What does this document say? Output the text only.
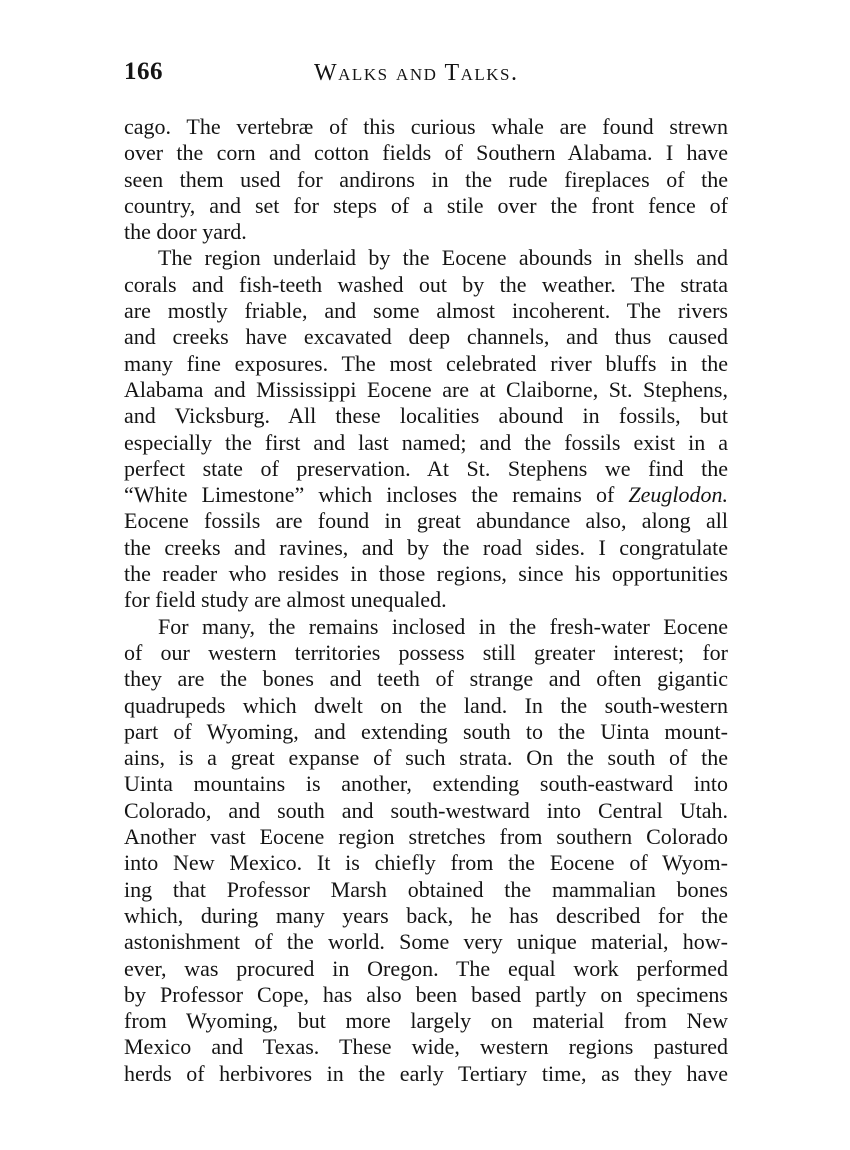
166	Walks and Talks.
cago. The vertebræ of this curious whale are found strewn
over the corn and cotton fields of Southern Alabama. I have
seen them used for andirons in the rude fireplaces of the
country, and set for steps of a stile over the front fence of
the door yard.
The region underlaid by the Eocene abounds in shells and
corals and fish-teeth washed out by the weather. The strata
are mostly friable, and some almost incoherent. The rivers
and creeks have excavated deep channels, and thus caused
many fine exposures. The most celebrated river bluffs in the
Alabama and Mississippi Eocene are at Claiborne, St. Stephens,
and Vicksburg. All these localities abound in fossils, but
especially the first and last named; and the fossils exist in a
perfect state of preservation. At St. Stephens we find the
“White Limestone” which incloses the remains of Zeuglodon.
Eocene fossils are found in great abundance also, along all
the creeks and ravines, and by the road sides. I congratulate
the reader who resides in those regions, since his opportunities
for field study are almost unequaled.
For many, the remains inclosed in the fresh-water Eocene
of our western territories possess still greater interest; for
they are the bones and teeth of strange and often gigantic
quadrupeds which dwelt on the land. In the south-western
part of Wyoming, and extending south to the Uinta mount-
ains, is a great expanse of such strata. On the south of the
Uinta mountains is another, extending south-eastward into
Colorado, and south and south-westward into Central Utah.
Another vast Eocene region stretches from southern Colorado
into New Mexico. It is chiefly from the Eocene of Wyom-
ing that Professor Marsh obtained the mammalian bones
which, during many years back, he has described for the
astonishment of the world. Some very unique material, how-
ever, was procured in Oregon. The equal work performed
by Professor Cope, has also been based partly on specimens
from Wyoming, but more largely on material from New
Mexico and Texas. These wide, western regions pastured
herds of herbivores in the early Tertiary time, as they have
